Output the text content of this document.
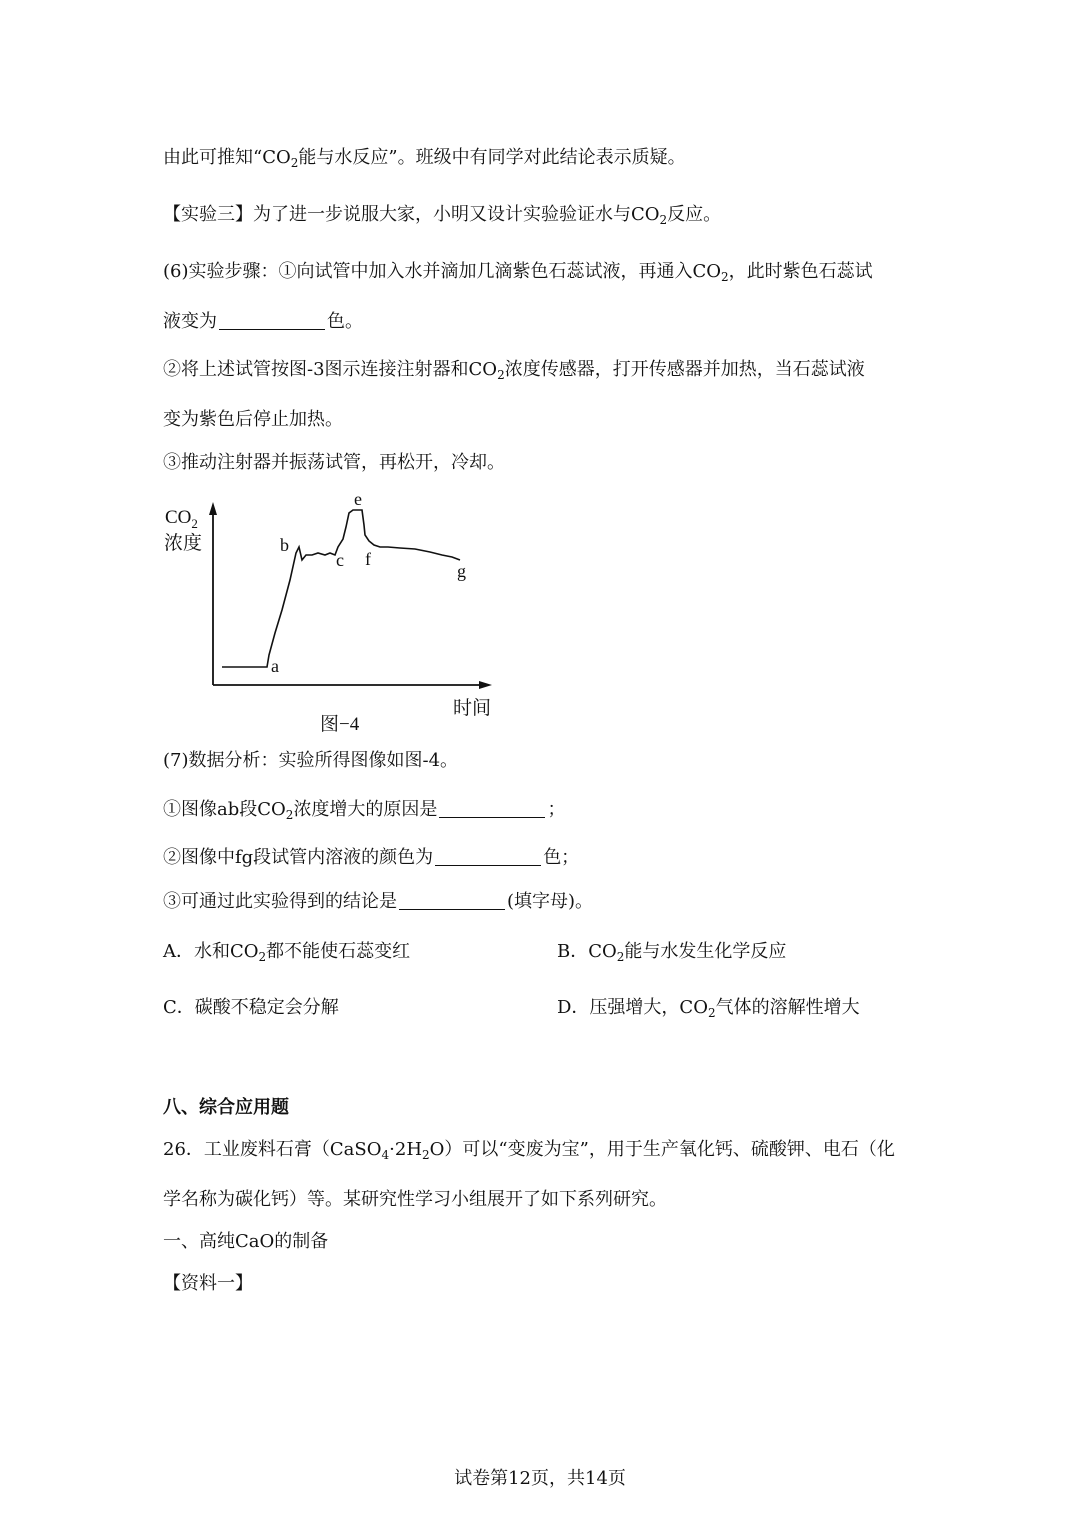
由此可推知“$CO_2$能与水反应”。班级中有同学对此结论表示质疑。
【实验三】为了进一步说服大家，小明又设计实验验证水与$CO_2$反应。
(6)实验步骤：①向试管中加入水并滴加几滴紫色石蕊试液，再通入$CO_2$，此时紫色石蕊试
液变为	色。
②将上述试管按图-3图示连接注射器和$CO_2$浓度传感器，打开传感器并加热，当石蕊试液
变为紫色后停止加热。
③推动注射器并振荡试管，再松开，冷却。
$CO_2$
浓度
a
b
c
e
f
g
时间
图−4
(7)数据分析：实验所得图像如图-4。
①图像ab段$CO_2$浓度增大的原因是	；
②图像中fg段试管内溶液的颜色为	色；
③可通过此实验得到的结论是	(填字母)。
A．水和$CO_2$都不能使石蕊变红	B．$CO_2$能与水发生化学反应
C．碳酸不稳定会分解	D．压强增大，$CO_2$气体的溶解性增大
八、综合应用题
26．工业废料石膏$(CaSO_4\cdot 2H_2O)$可以“变废为宝”，用于生产氧化钙、硫酸钾、电石（化
学名称为碳化钙）等。某研究性学习小组展开了如下系列研究。
一、高纯CaO的制备
【资料一】
试卷第12页，共14页
